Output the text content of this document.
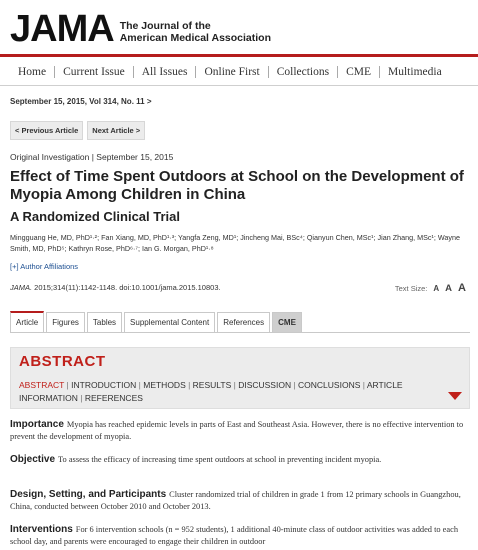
JAMA The Journal of the
American Medical Association
Home	Current Issue	All Issues	Online First	Collections	CME	Multimedia
September 15, 2015, Vol 314, No. 11 >
< Previous Article	Next Article >
Original Investigation | September 15, 2015
Effect of Time Spent Outdoors at School on the Development of Myopia Among Children in China
A Randomized Clinical Trial
Mingguang He, MD, PhD¹·²; Fan Xiang, MD, PhD¹·³; Yangfa Zeng, MD¹; Jincheng Mai, BSc⁴; Qianyun Chen, MSc¹; Jian Zhang, MSc¹; Wayne Smith, MD, PhD⁵; Kathryn Rose, PhD⁶·⁷; Ian G. Morgan, PhD¹·⁸
[+] Author Affiliations
JAMA. 2015;314(11):1142-1148. doi:10.1001/jama.2015.10803.	Text Size: A A A
Article	Figures	Tables	Supplemental Content	References	CME
ABSTRACT
ABSTRACT | INTRODUCTION | METHODS | RESULTS | DISCUSSION | CONCLUSIONS | ARTICLE INFORMATION | REFERENCES
Importance Myopia has reached epidemic levels in parts of East and Southeast Asia. However, there is no effective intervention to prevent the development of myopia.
Objective To assess the efficacy of increasing time spent outdoors at school in preventing incident myopia.
Design, Setting, and Participants Cluster randomized trial of children in grade 1 from 12 primary schools in Guangzhou, China, conducted between October 2010 and October 2013.
Interventions For 6 intervention schools (n = 952 students), 1 additional 40-minute class of outdoor activities was added to each school day, and parents were encouraged to engage their children in outdoor
